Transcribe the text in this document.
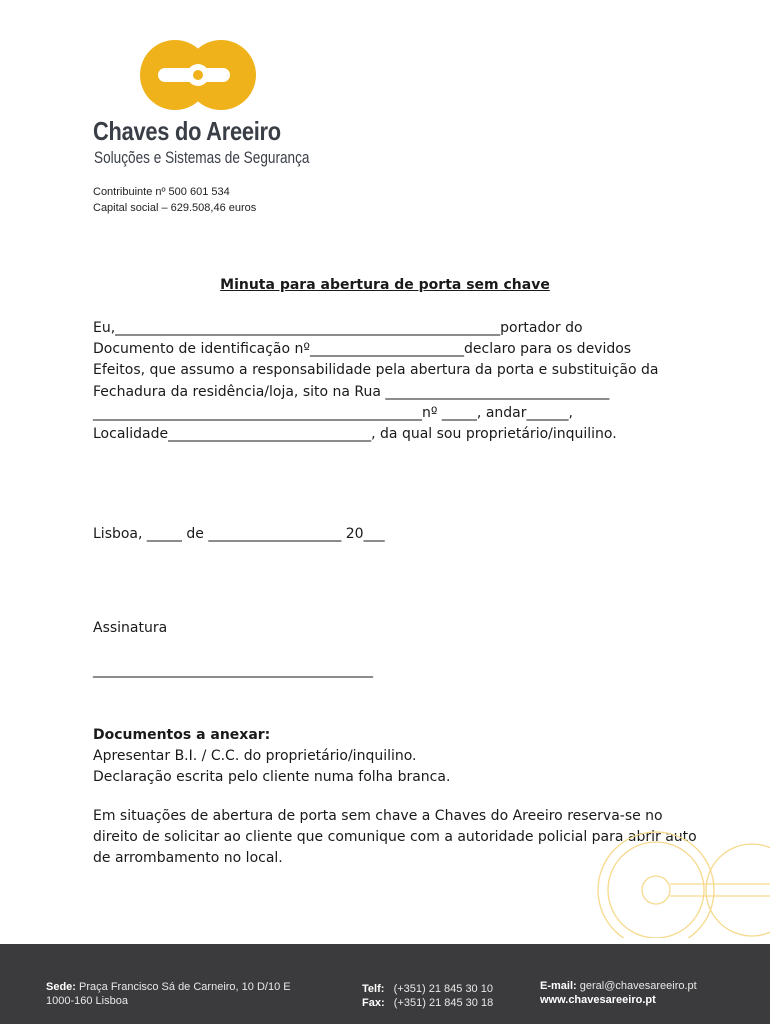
Chaves do Areeiro
Soluções e Sistemas de Segurança
Contribuinte nº 500 601 534
Capital social – 629.508,46 euros
Minuta para abertura de porta sem chave
Eu,_______________________________________________________portador do
Documento de identificação nº______________________declaro para os devidos
Efeitos, que assumo a responsabilidade pela abertura da porta e substituição da
Fechadura da residência/loja, sito na Rua ________________________________
_______________________________________________nº _____, andar______,
Localidade_____________________________, da qual sou proprietário/inquilino.
Lisboa, _____ de ___________________ 20___
Assinatura
________________________________________
Documentos a anexar:
Apresentar B.I. / C.C. do proprietário/inquilino.
Declaração escrita pelo cliente numa folha branca.
Em situações de abertura de porta sem chave a Chaves do Areeiro reserva-se no direito de solicitar ao cliente que comunique com a autoridade policial para abrir auto de arrombamento no local.
Sede: Praça Francisco Sá de Carneiro, 10 D/10 E
1000-160 Lisboa
Telf: (+351) 21 845 30 10
Fax: (+351) 21 845 30 18
E-mail: geral@chavesareeiro.pt
www.chavesareeiro.pt
